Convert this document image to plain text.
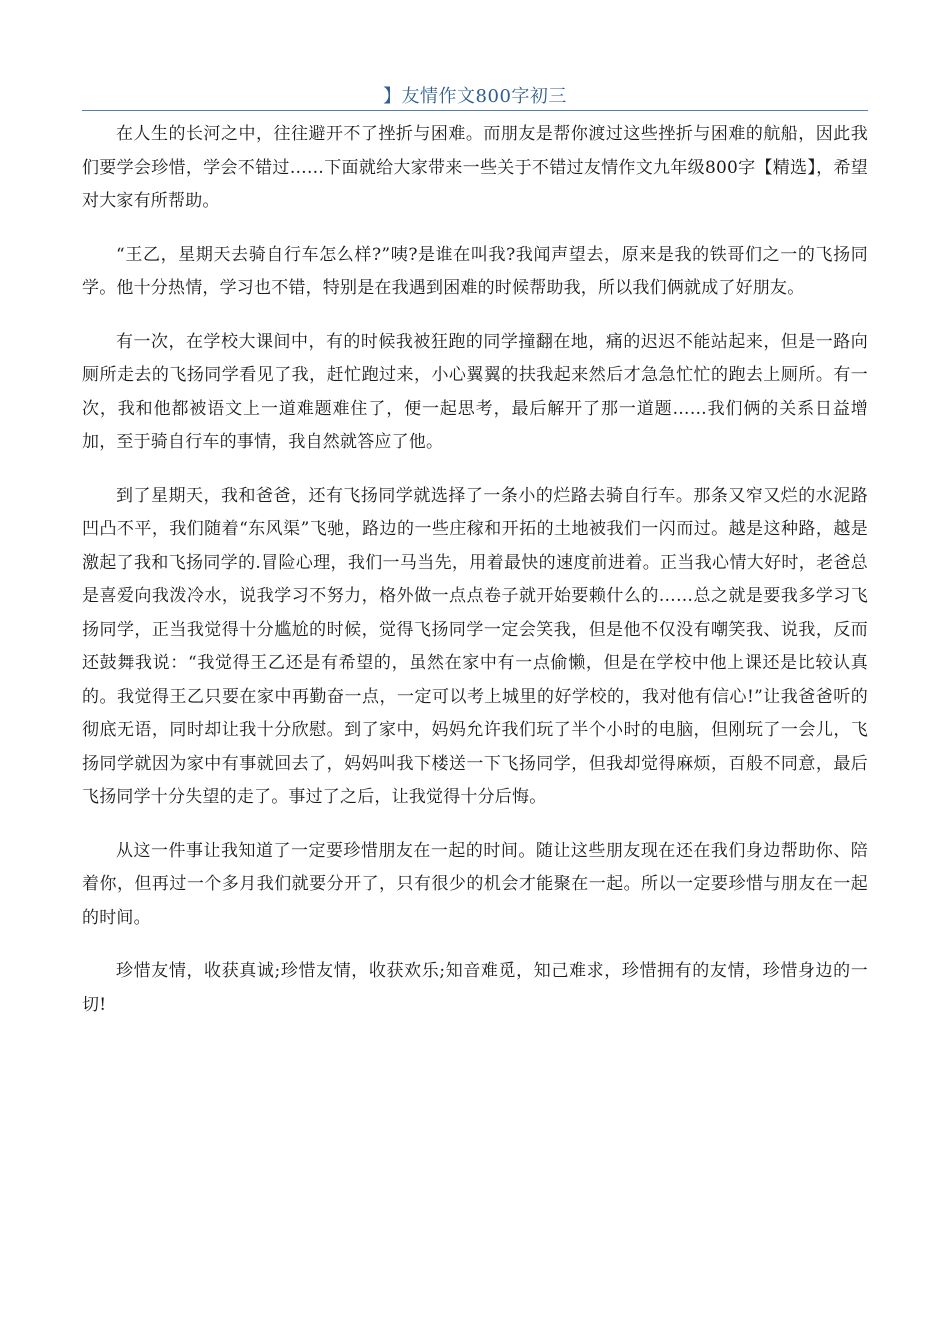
】友情作文800字初三

在人生的长河之中，往往避开不了挫折与困难。而朋友是帮你渡过这些挫折与困难的航船，因此我们要学会珍惜，学会不错过……下面就给大家带来一些关于不错过友情作文九年级800字【精选】，希望对大家有所帮助。

“王乙，星期天去骑自行车怎么样?”咦?是谁在叫我?我闻声望去，原来是我的铁哥们之一的飞扬同学。他十分热情，学习也不错，特别是在我遇到困难的时候帮助我，所以我们俩就成了好朋友。

有一次，在学校大课间中，有的时候我被狂跑的同学撞翻在地，痛的迟迟不能站起来，但是一路向厕所走去的飞扬同学看见了我，赶忙跑过来，小心翼翼的扶我起来然后才急急忙忙的跑去上厕所。有一次，我和他都被语文上一道难题难住了，便一起思考，最后解开了那一道题……我们俩的关系日益增加，至于骑自行车的事情，我自然就答应了他。

到了星期天，我和爸爸，还有飞扬同学就选择了一条小的烂路去骑自行车。那条又窄又烂的水泥路凹凸不平，我们随着“东风渠”飞驰，路边的一些庄稼和开拓的土地被我们一闪而过。越是这种路，越是激起了我和飞扬同学的.冒险心理，我们一马当先，用着最快的速度前进着。正当我心情大好时，老爸总是喜爱向我泼冷水，说我学习不努力，格外做一点点卷子就开始要赖什么的……总之就是要我多学习飞扬同学，正当我觉得十分尴尬的时候，觉得飞扬同学一定会笑我，但是他不仅没有嘲笑我、说我，反而还鼓舞我说：“我觉得王乙还是有希望的，虽然在家中有一点偷懒，但是在学校中他上课还是比较认真的。我觉得王乙只要在家中再勤奋一点，一定可以考上城里的好学校的，我对他有信心!”让我爸爸听的彻底无语，同时却让我十分欣慰。到了家中，妈妈允许我们玩了半个小时的电脑，但刚玩了一会儿，飞扬同学就因为家中有事就回去了，妈妈叫我下楼送一下飞扬同学，但我却觉得麻烦，百般不同意，最后飞扬同学十分失望的走了。事过了之后，让我觉得十分后悔。

从这一件事让我知道了一定要珍惜朋友在一起的时间。随让这些朋友现在还在我们身边帮助你、陪着你，但再过一个多月我们就要分开了，只有很少的机会才能聚在一起。所以一定要珍惜与朋友在一起的时间。

珍惜友情，收获真诚;珍惜友情，收获欢乐;知音难觅，知己难求，珍惜拥有的友情，珍惜身边的一切!
